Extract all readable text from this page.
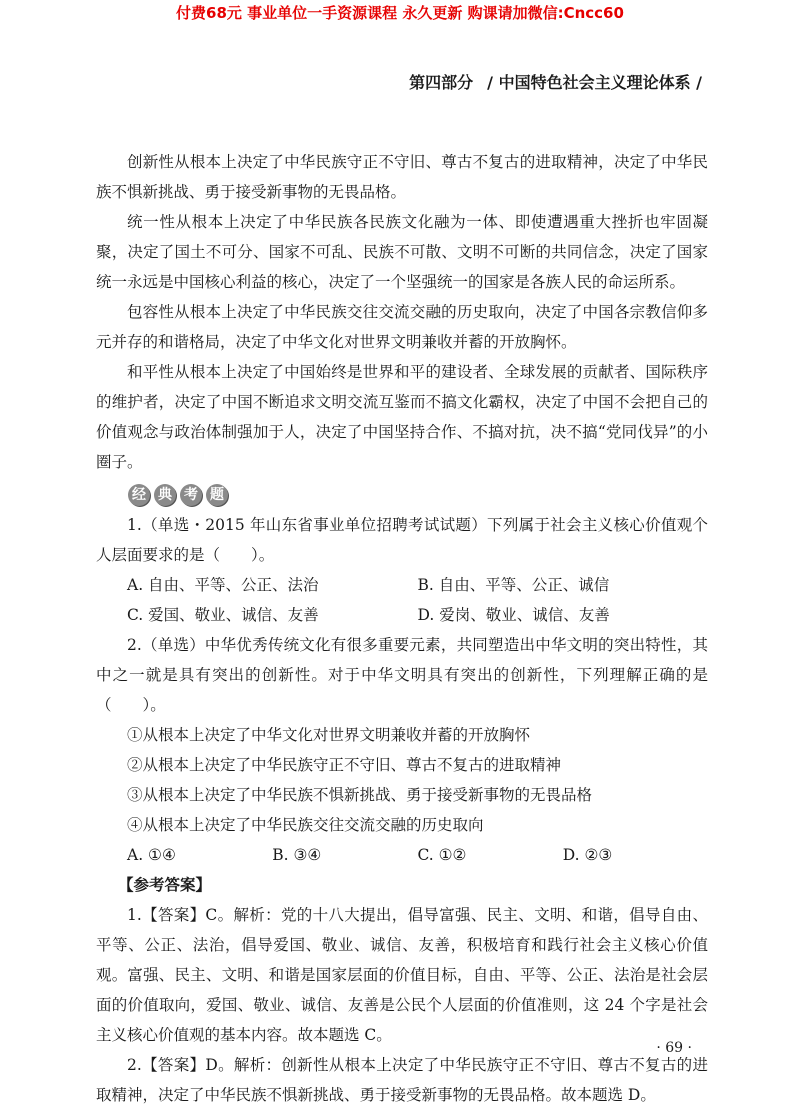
付费68元 事业单位一手资源课程 永久更新 购课请加微信:Cncc60
第四部分 / 中国特色社会主义理论体系 /

创新性从根本上决定了中华民族守正不守旧、尊古不复古的进取精神，决定了中华民族不惧新挑战、勇于接受新事物的无畏品格。

统一性从根本上决定了中华民族各民族文化融为一体、即使遭遇重大挫折也牢固凝聚，决定了国土不可分、国家不可乱、民族不可散、文明不可断的共同信念，决定了国家统一永远是中国核心利益的核心，决定了一个坚强统一的国家是各族人民的命运所系。

包容性从根本上决定了中华民族交往交流交融的历史取向，决定了中国各宗教信仰多元并存的和谐格局，决定了中华文化对世界文明兼收并蓄的开放胸怀。

和平性从根本上决定了中国始终是世界和平的建设者、全球发展的贡献者、国际秩序的维护者，决定了中国不断追求文明交流互鉴而不搞文化霸权，决定了中国不会把自己的价值观念与政治体制强加于人，决定了中国坚持合作、不搞对抗，决不搞“党同伐异”的小圈子。

经 典 考 题

1.（单选・2015 年山东省事业单位招聘考试试题）下列属于社会主义核心价值观个人层面要求的是（　　）。

A. 自由、平等、公正、法治	B. 自由、平等、公正、诚信
C. 爱国、敬业、诚信、友善	D. 爱岗、敬业、诚信、友善

2.（单选）中华优秀传统文化有很多重要元素，共同塑造出中华文明的突出特性，其中之一就是具有突出的创新性。对于中华文明具有突出的创新性，下列理解正确的是（　　）。

①从根本上决定了中华文化对世界文明兼收并蓄的开放胸怀

②从根本上决定了中华民族守正不守旧、尊古不复古的进取精神

③从根本上决定了中华民族不惧新挑战、勇于接受新事物的无畏品格

④从根本上决定了中华民族交往交流交融的历史取向

A. ①④	B. ③④	C. ①②	D. ②③

【参考答案】

1.【答案】C。解析：党的十八大提出，倡导富强、民主、文明、和谐，倡导自由、平等、公正、法治，倡导爱国、敬业、诚信、友善，积极培育和践行社会主义核心价值观。富强、民主、文明、和谐是国家层面的价值目标，自由、平等、公正、法治是社会层面的价值取向，爱国、敬业、诚信、友善是公民个人层面的价值准则，这 24 个字是社会主义核心价值观的基本内容。故本题选 C。

2.【答案】D。解析：创新性从根本上决定了中华民族守正不守旧、尊古不复古的进取精神，决定了中华民族不惧新挑战、勇于接受新事物的无畏品格。故本题选 D。

· 69 ·
